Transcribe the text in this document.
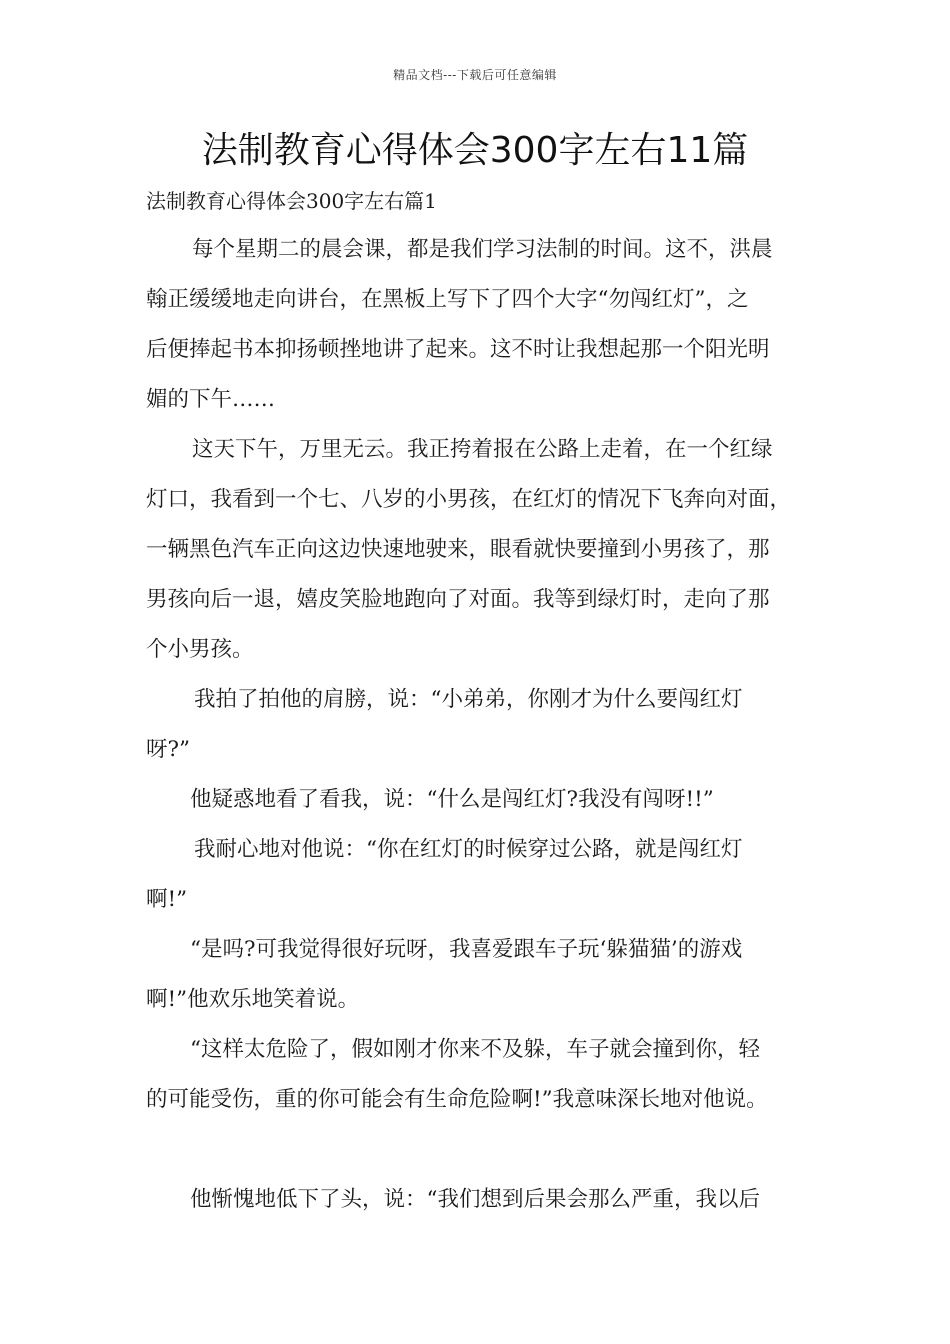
精品文档---下载后可任意编辑
法制教育心得体会300字左右11篇
法制教育心得体会300字左右篇1
每个星期二的晨会课，都是我们学习法制的时间。这不，洪晨
翰正缓缓地走向讲台，在黑板上写下了四个大字“勿闯红灯”，之
后便捧起书本抑扬顿挫地讲了起来。这不时让我想起那一个阳光明
媚的下午……
这天下午，万里无云。我正挎着报在公路上走着，在一个红绿
灯口，我看到一个七、八岁的小男孩，在红灯的情况下飞奔向对面，
一辆黑色汽车正向这边快速地驶来，眼看就快要撞到小男孩了，那
男孩向后一退，嬉皮笑脸地跑向了对面。我等到绿灯时，走向了那
个小男孩。
我拍了拍他的肩膀，说：“小弟弟，你刚才为什么要闯红灯
呀?”
他疑惑地看了看我，说：“什么是闯红灯?我没有闯呀!!”
我耐心地对他说：“你在红灯的时候穿过公路，就是闯红灯
啊!”
“是吗?可我觉得很好玩呀，我喜爱跟车子玩‘躲猫猫’的游戏
啊!”他欢乐地笑着说。
“这样太危险了，假如刚才你来不及躲，车子就会撞到你，轻
的可能受伤，重的你可能会有生命危险啊!”我意味深长地对他说。
他惭愧地低下了头，说：“我们想到后果会那么严重，我以后
